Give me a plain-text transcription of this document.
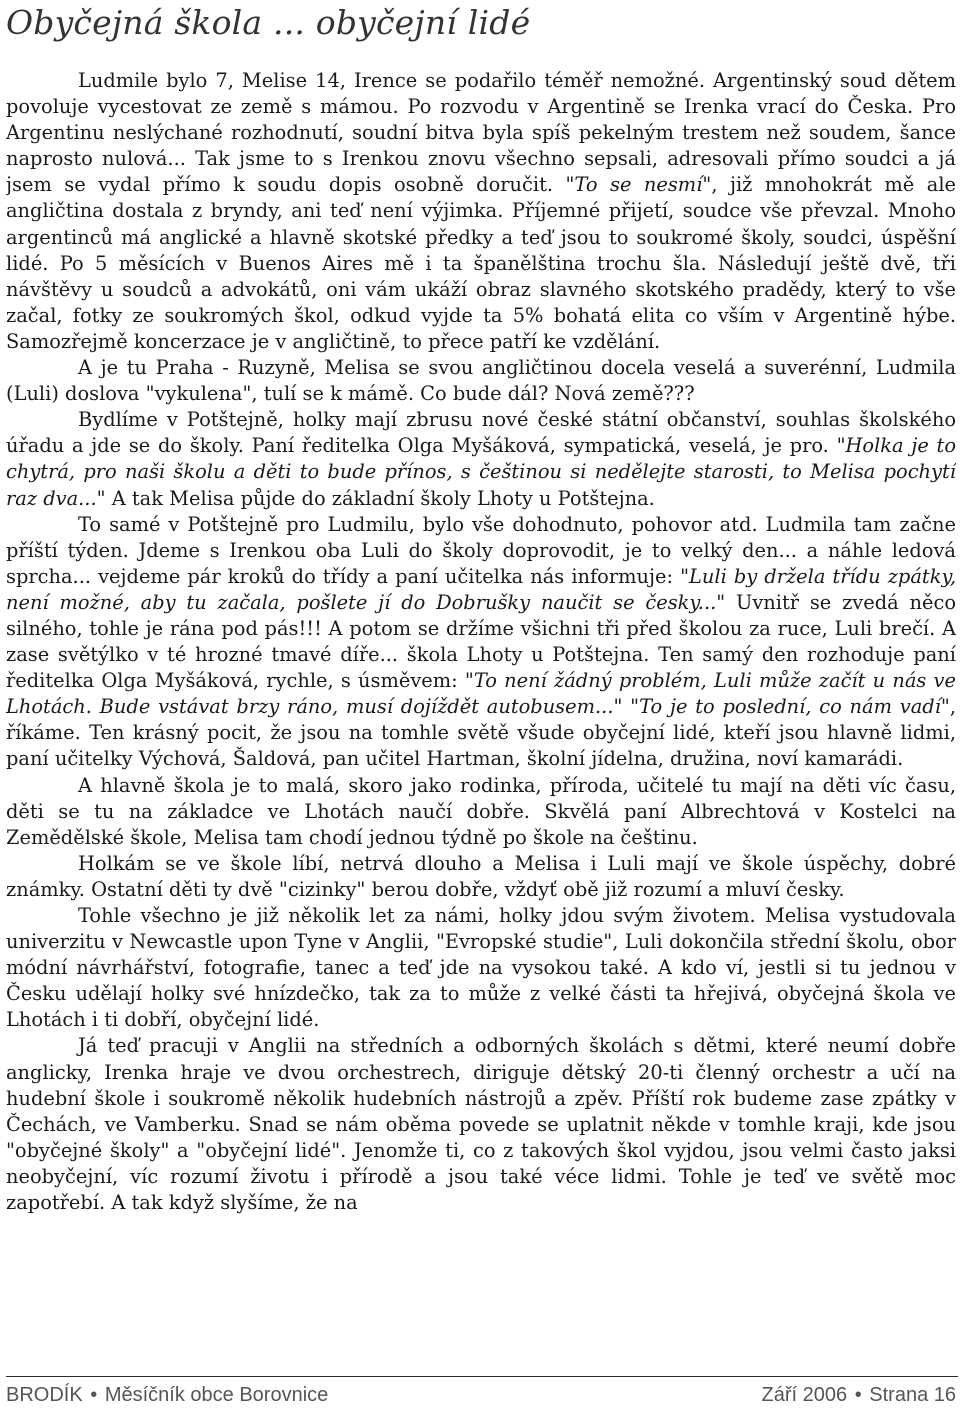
Obyčejná škola ... obyčejní lidé

Ludmile bylo 7, Melise 14, Irence se podařilo téměř nemožné. Argentinský soud dětem povoluje vycestovat ze země s mámou. Po rozvodu v Argentině se Irenka vrací do Česka. Pro Argentinu neslýchané rozhodnutí, soudní bitva byla spíš pekelným trestem než soudem, šance naprosto nulová... Tak jsme to s Irenkou znovu všechno sepsali, adresovali přímo soudci a já jsem se vydal přímo k soudu dopis osobně doručit. "To se nesmí", již mnohokrát mě ale angličtina dostala z bryndy, ani teď není výjimka. Příjemné přijetí, soudce vše převzal. Mnoho argentinců má anglické a hlavně skotské předky a teď jsou to soukromé školy, soudci, úspěšní lidé. Po 5 měsících v Buenos Aires mě i ta španělština trochu šla. Následují ještě dvě, tři návštěvy u soudců a advokátů, oni vám ukáží obraz slavného skotského pradědy, který to vše začal, fotky ze soukromých škol, odkud vyjde ta 5% bohatá elita co vším v Argentině hýbe. Samozřejmě koncerzace je v angličtině, to přece patří ke vzdělání.

A je tu Praha - Ruzyně, Melisa se svou angličtinou docela veselá a suverénní, Ludmila (Luli) doslova "vykulena", tulí se k mámě. Co bude dál? Nová země???

Bydlíme v Potštejně, holky mají zbrusu nové české státní občanství, souhlas školského úřadu a jde se do školy. Paní ředitelka Olga Myšáková, sympatická, veselá, je pro. "Holka je to chytrá, pro naši školu a děti to bude přínos, s češtinou si nedělejte starosti, to Melisa pochytí raz dva..." A tak Melisa půjde do základní školy Lhoty u Potštejna.

To samé v Potštejně pro Ludmilu, bylo vše dohodnuto, pohovor atd. Ludmila tam začne příští týden. Jdeme s Irenkou oba Luli do školy doprovodit, je to velký den... a náhle ledová sprcha... vejdeme pár kroků do třídy a paní učitelka nás informuje: "Luli by držela třídu zpátky, není možné, aby tu začala, pošlete jí do Dobrušky naučit se česky..." Uvnitř se zvedá něco silného, tohle je rána pod pás!!! A potom se držíme všichni tři před školou za ruce, Luli brečí. A zase světýlko v té hrozné tmavé díře... škola Lhoty u Potštejna. Ten samý den rozhoduje paní ředitelka Olga Myšáková, rychle, s úsměvem: "To není žádný problém, Luli může začít u nás ve Lhotách. Bude vstávat brzy ráno, musí dojíždět autobusem..." "To je to poslední, co nám vadí", říkáme. Ten krásný pocit, že jsou na tomhle světě všude obyčejní lidé, kteří jsou hlavně lidmi, paní učitelky Výchová, Šaldová, pan učitel Hartman, školní jídelna, družina, noví kamarádi.

A hlavně škola je to malá, skoro jako rodinka, příroda, učitelé tu mají na děti víc času, děti se tu na základce ve Lhotách naučí dobře. Skvělá paní Albrechtová v Kostelci na Zemědělské škole, Melisa tam chodí jednou týdně po škole na češtinu.

Holkám se ve škole líbí, netrvá dlouho a Melisa i Luli mají ve škole úspěchy, dobré známky. Ostatní děti ty dvě "cizinky" berou dobře, vždyť obě již rozumí a mluví česky.

Tohle všechno je již několik let za námi, holky jdou svým životem. Melisa vystudovala univerzitu v Newcastle upon Tyne v Anglii, "Evropské studie", Luli dokončila střední školu, obor módní návrhářství, fotografie, tanec a teď jde na vysokou také. A kdo ví, jestli si tu jednou v Česku udělají holky své hnízdečko, tak za to může z velké části ta hřejivá, obyčejná škola ve Lhotách i ti dobří, obyčejní lidé.

Já teď pracuji v Anglii na středních a odborných školách s dětmi, které neumí dobře anglicky, Irenka hraje ve dvou orchestrech, diriguje dětský 20-ti členný orchestr a učí na hudební škole i soukromě několik hudebních nástrojů a zpěv. Příští rok budeme zase zpátky v Čechách, ve Vamberku. Snad se nám oběma povede se uplatnit někde v tomhle kraji, kde jsou "obyčejné školy" a "obyčejní lidé". Jenomže ti, co z takových škol vyjdou, jsou velmi často jaksi neobyčejní, víc rozumí životu i přírodě a jsou také véce lidmi. Tohle je teď ve světě moc zapotřebí. A tak když slyšíme, že na

BRODÍK • Měsíčník obce Borovnice	Září 2006 • Strana 16
